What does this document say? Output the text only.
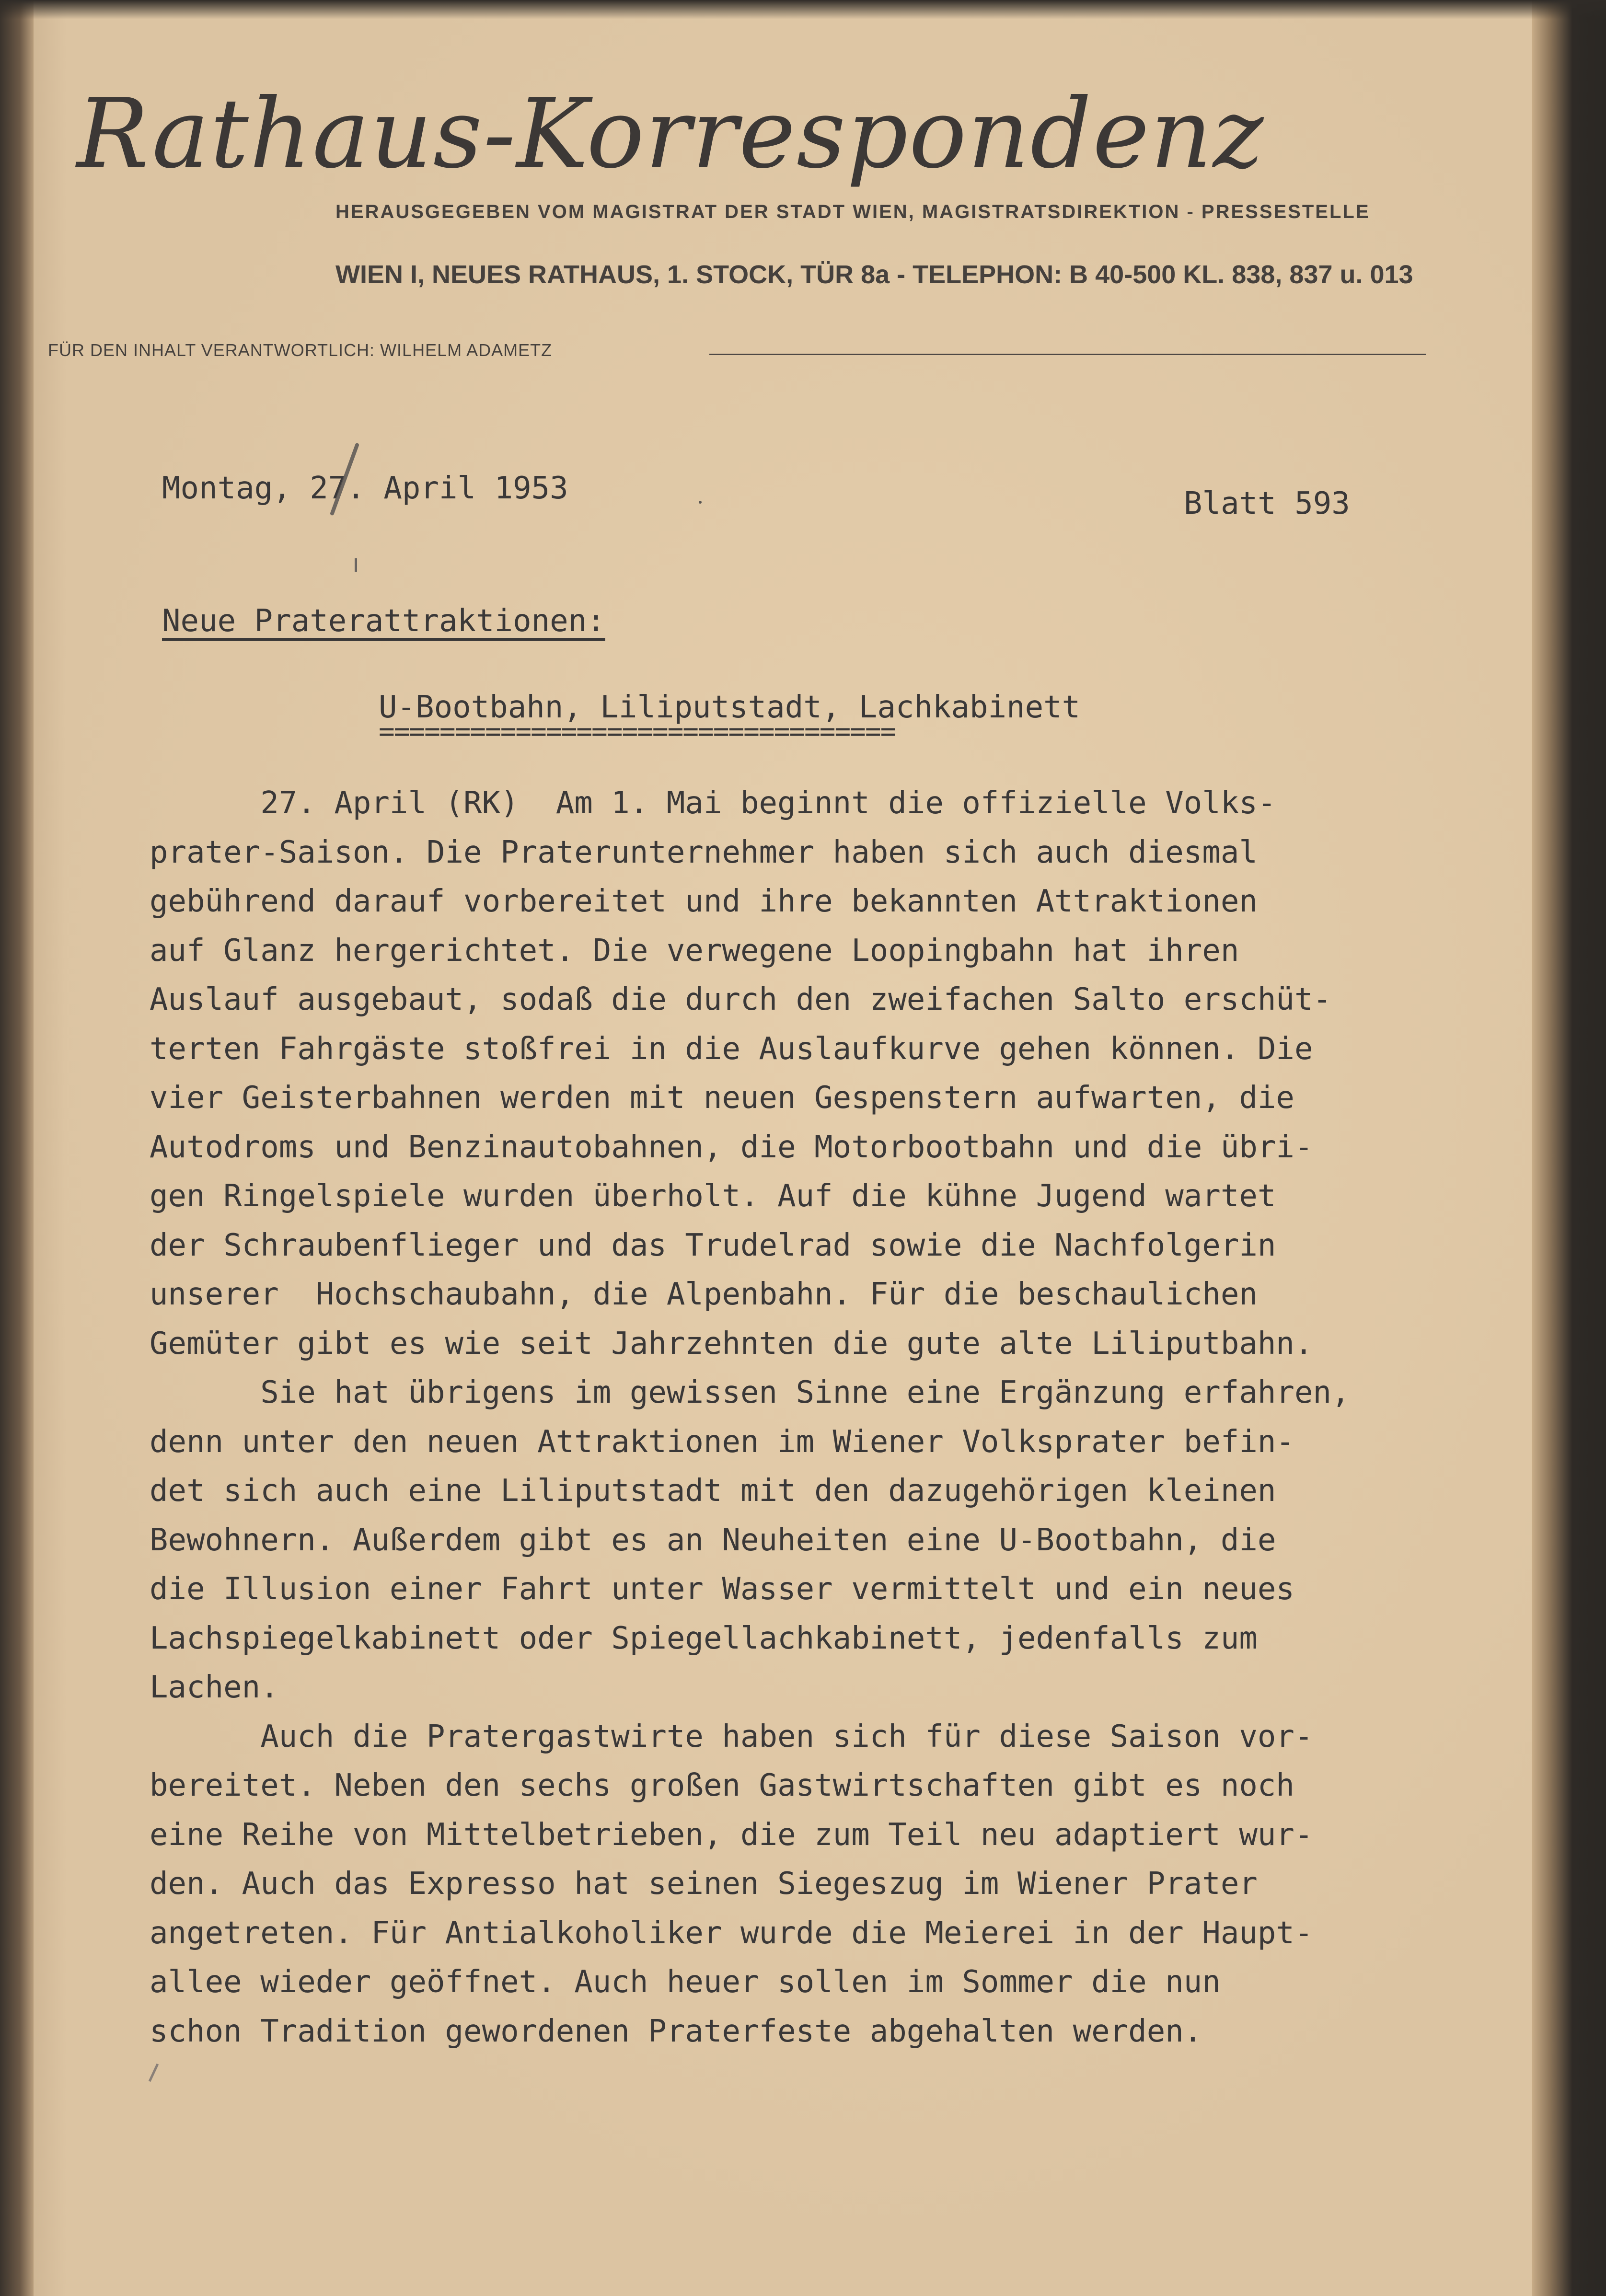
Rathaus-Korrespondenz
HERAUSGEGEBEN VOM MAGISTRAT DER STADT WIEN, MAGISTRATSDIREKTION - PRESSESTELLE
WIEN I, NEUES RATHAUS, 1. STOCK, TÜR 8a - TELEPHON: B 40-500 KL. 838, 837 u. 013
FÜR DEN INHALT VERANTWORTLICH: WILHELM ADAMETZ
Montag, 27. April 1953	Blatt 593
Neue Praterattraktionen:
U-Bootbahn, Liliputstadt, Lachkabinett
==================================
27. April (RK)  Am 1. Mai beginnt die offizielle Volks-
prater-Saison. Die Praterunternehmer haben sich auch diesmal
gebührend darauf vorbereitet und ihre bekannten Attraktionen
auf Glanz hergerichtet. Die verwegene Loopingbahn hat ihren
Auslauf ausgebaut, sodaß die durch den zweifachen Salto erschüt-
terten Fahrgäste stoßfrei in die Auslaufkurve gehen können. Die
vier Geisterbahnen werden mit neuen Gespenstern aufwarten, die
Autodroms und Benzinautobahnen, die Motorbootbahn und die übri-
gen Ringelspiele wurden überholt. Auf die kühne Jugend wartet
der Schraubenflieger und das Trudelrad sowie die Nachfolgerin
unserer  Hochschaubahn, die Alpenbahn. Für die beschaulichen
Gemüter gibt es wie seit Jahrzehnten die gute alte Liliputbahn.
Sie hat übrigens im gewissen Sinne eine Ergänzung erfahren,
denn unter den neuen Attraktionen im Wiener Volksprater befin-
det sich auch eine Liliputstadt mit den dazugehörigen kleinen
Bewohnern. Außerdem gibt es an Neuheiten eine U-Bootbahn, die
die Illusion einer Fahrt unter Wasser vermittelt und ein neues
Lachspiegelkabinett oder Spiegellachkabinett, jedenfalls zum
Lachen.
Auch die Pratergastwirte haben sich für diese Saison vor-
bereitet. Neben den sechs großen Gastwirtschaften gibt es noch
eine Reihe von Mittelbetrieben, die zum Teil neu adaptiert wur-
den. Auch das Expresso hat seinen Siegeszug im Wiener Prater
angetreten. Für Antialkoholiker wurde die Meierei in der Haupt-
allee wieder geöffnet. Auch heuer sollen im Sommer die nun
schon Tradition gewordenen Praterfeste abgehalten werden.
